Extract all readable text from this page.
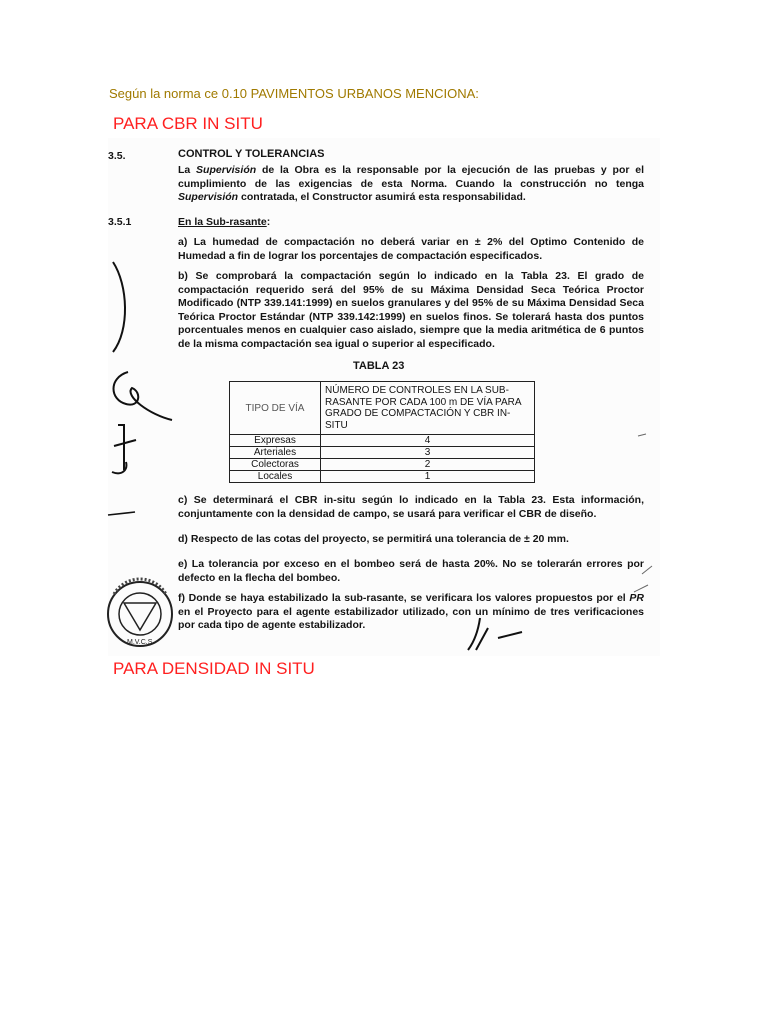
Según la norma ce 0.10 PAVIMENTOS URBANOS MENCIONA:
PARA CBR IN SITU
3.5.	CONTROL Y TOLERANCIAS
La Supervisión de la Obra es la responsable por la ejecución de las pruebas y por el cumplimiento de las exigencias de esta Norma. Cuando la construcción no tenga Supervisión contratada, el Constructor asumirá esta responsabilidad.
3.5.1	En la Sub-rasante:
a) La humedad de compactación no deberá variar en ± 2% del Optimo Contenido de Humedad a fin de lograr los porcentajes de compactación especificados.
b) Se comprobará la compactación según lo indicado en la Tabla 23. El grado de compactación requerido será del 95% de su Máxima Densidad Seca Teórica Proctor Modificado (NTP 339.141:1999) en suelos granulares y del 95% de su Máxima Densidad Seca Teórica Proctor Estándar (NTP 339.142:1999) en suelos finos. Se tolerará hasta dos puntos porcentuales menos en cualquier caso aislado, siempre que la media aritmética de 6 puntos de la misma compactación sea igual o superior al especificado.
TABLA 23
TIPO DE VÍA	NÚMERO DE CONTROLES EN LA SUB-RASANTE POR CADA 100 m DE VÍA PARA GRADO DE COMPACTACIÓN Y CBR IN-SITU
Expresas	4
Arteriales	3
Colectoras	2
Locales	1
c) Se determinará el CBR in-situ según lo indicado en la Tabla 23. Esta información, conjuntamente con la densidad de campo, se usará para verificar el CBR de diseño.
d) Respecto de las cotas del proyecto, se permitirá una tolerancia de ± 20 mm.
e) La tolerancia por exceso en el bombeo será de hasta 20%. No se tolerarán errores por defecto en la flecha del bombeo.
f) Donde se haya estabilizado la sub-rasante, se verificara los valores propuestos por el PR en el Proyecto para el agente estabilizador utilizado, con un mínimo de tres verificaciones por cada tipo de agente estabilizador.
PARA DENSIDAD IN SITU
M.V.C.S.
